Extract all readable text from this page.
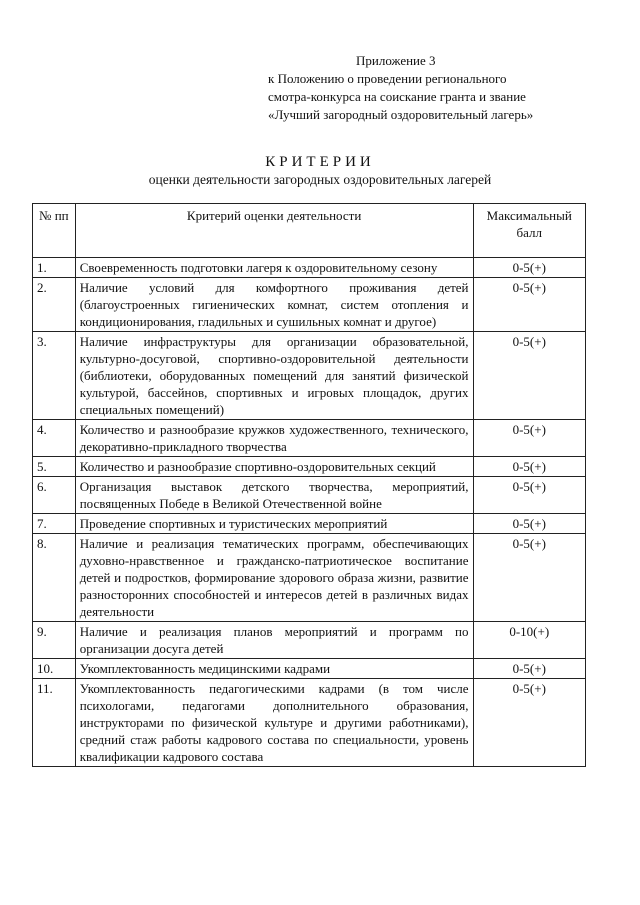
Приложение 3
к Положению о проведении регионального
смотра-конкурса на соискание гранта и звание
«Лучший загородный оздоровительный лагерь»
КРИТЕРИИ
оценки деятельности загородных оздоровительных лагерей
№ пп	Критерий оценки деятельности	Максимальный балл

1.	Своевременность подготовки лагеря к оздоровительному сезону	0-5(+)
2.	Наличие условий для комфортного проживания детей (благоустроенных гигиенических комнат, систем отопления и кондиционирования, гладильных и сушильных комнат и другое)	0-5(+)
3.	Наличие инфраструктуры для организации образовательной, культурно-досуговой, спортивно-оздоровительной деятельности (библиотеки, оборудованных помещений для занятий физической культурой, бассейнов, спортивных и игровых площадок, других специальных помещений)	0-5(+)
4.	Количество и разнообразие кружков художественного, технического, декоративно-прикладного творчества	0-5(+)
5.	Количество и разнообразие спортивно-оздоровительных секций	0-5(+)
6.	Организация выставок детского творчества, мероприятий, посвященных Победе в Великой Отечественной войне	0-5(+)
7.	Проведение спортивных и туристических мероприятий	0-5(+)
8.	Наличие и реализация тематических программ, обеспечивающих духовно-нравственное и гражданско-патриотическое воспитание детей и подростков, формирование здорового образа жизни, развитие разносторонних способностей и интересов детей в различных видах деятельности	0-5(+)
9.	Наличие и реализация планов мероприятий и программ по организации досуга детей	0-10(+)
10.	Укомплектованность медицинскими кадрами	0-5(+)
11.	Укомплектованность педагогическими кадрами (в том числе психологами, педагогами дополнительного образования, инструкторами по физической культуре и другими работниками), средний стаж работы кадрового состава по специальности, уровень квалификации кадрового состава	0-5(+)
